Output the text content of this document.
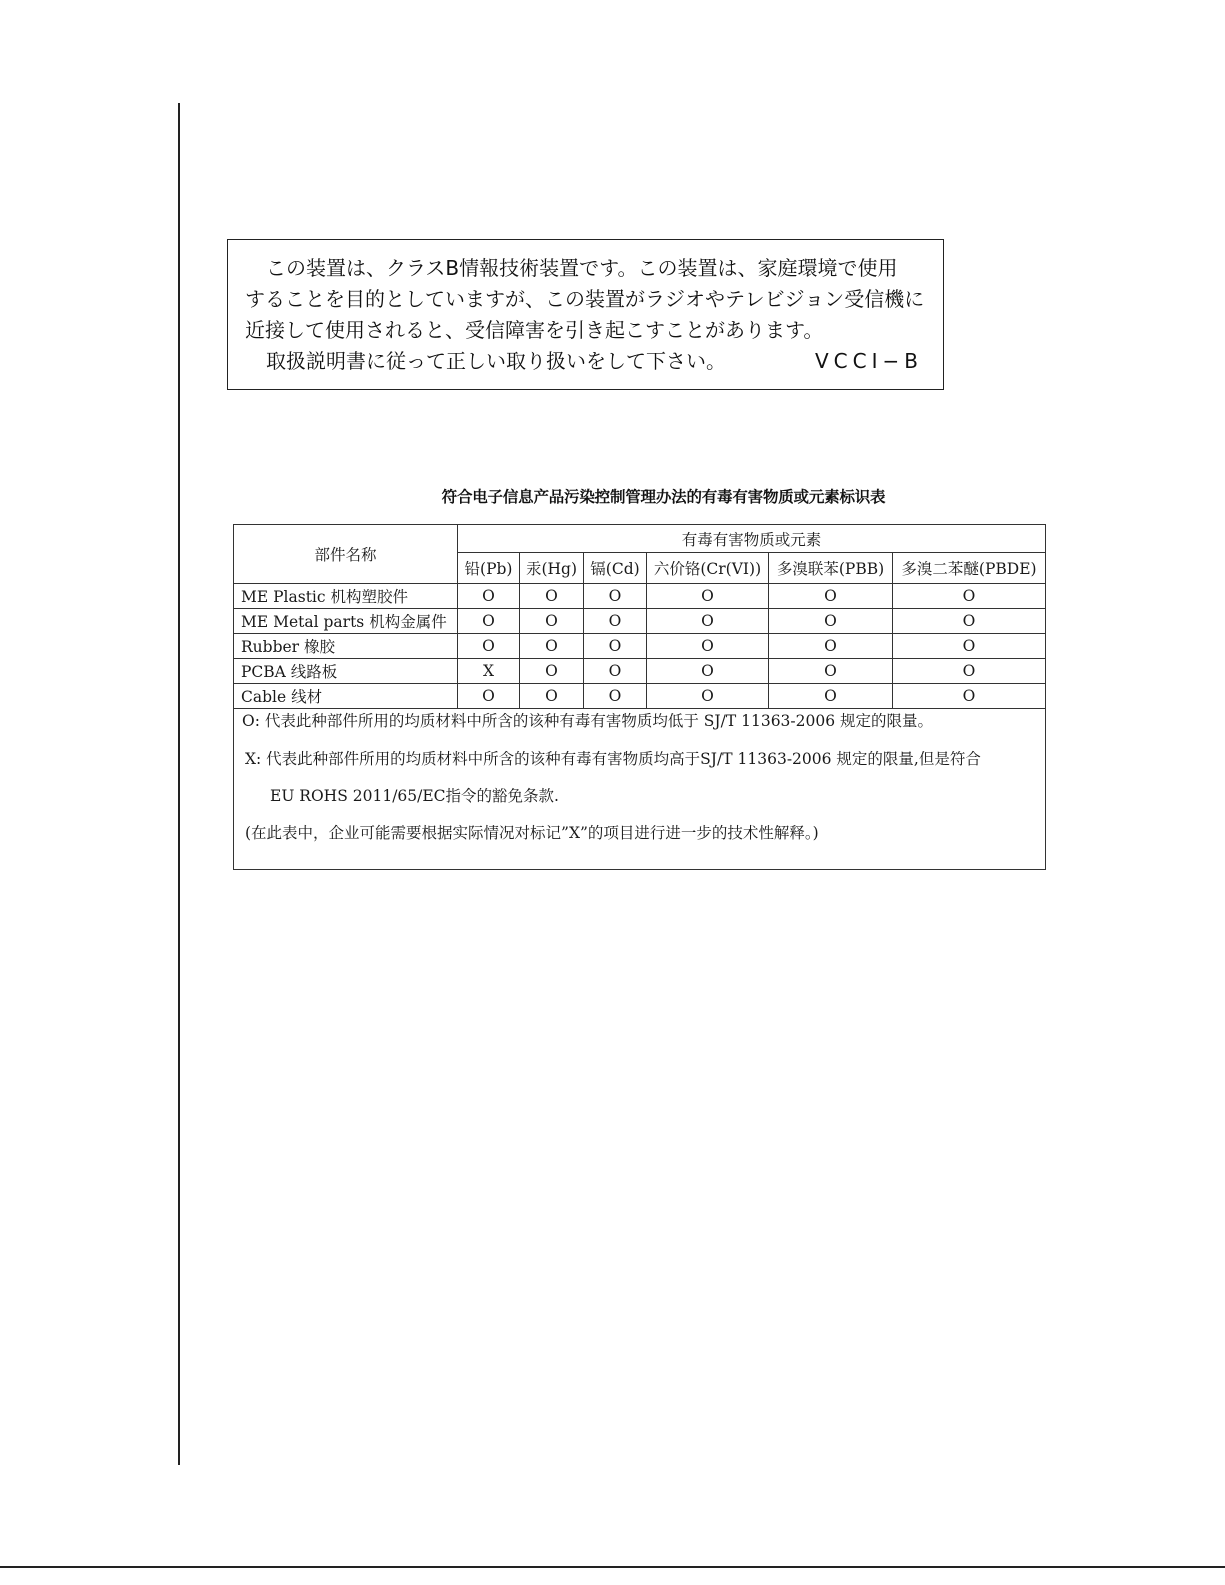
この装置は、クラスB情報技術装置です。この装置は、家庭環境で使用
することを目的としていますが、この装置がラジオやテレビジョン受信機に
近接して使用されると、受信障害を引き起こすことがあります。
取扱説明書に従って正しい取り扱いをして下さい。	VCCI−B
符合电子信息产品污染控制管理办法的有毒有害物质或元素标识表
部件名称	有毒有害物质或元素					
	铅(Pb)	汞(Hg)	镉(Cd)	六价铬(Cr(VI))	多溴联苯(PBB)	多溴二苯醚(PBDE)
ME Plastic 机构塑胶件	O	O	O	O	O	O
ME Metal parts 机构金属件	O	O	O	O	O	O
Rubber 橡胶	O	O	O	O	O	O
PCBA 线路板	X	O	O	O	O	O
Cable 线材	O	O	O	O	O	O

O: 代表此种部件所用的均质材料中所含的该种有毒有害物质均低于 SJ/T 11363-2006 规定的限量。
X: 代表此种部件所用的均质材料中所含的该种有毒有害物质均高于SJ/T 11363-2006 规定的限量,但是符合
EU ROHS 2011/65/EC指令的豁免条款.
(在此表中，企业可能需要根据实际情况对标记”X”的项目进行进一步的技术性解释。)						
